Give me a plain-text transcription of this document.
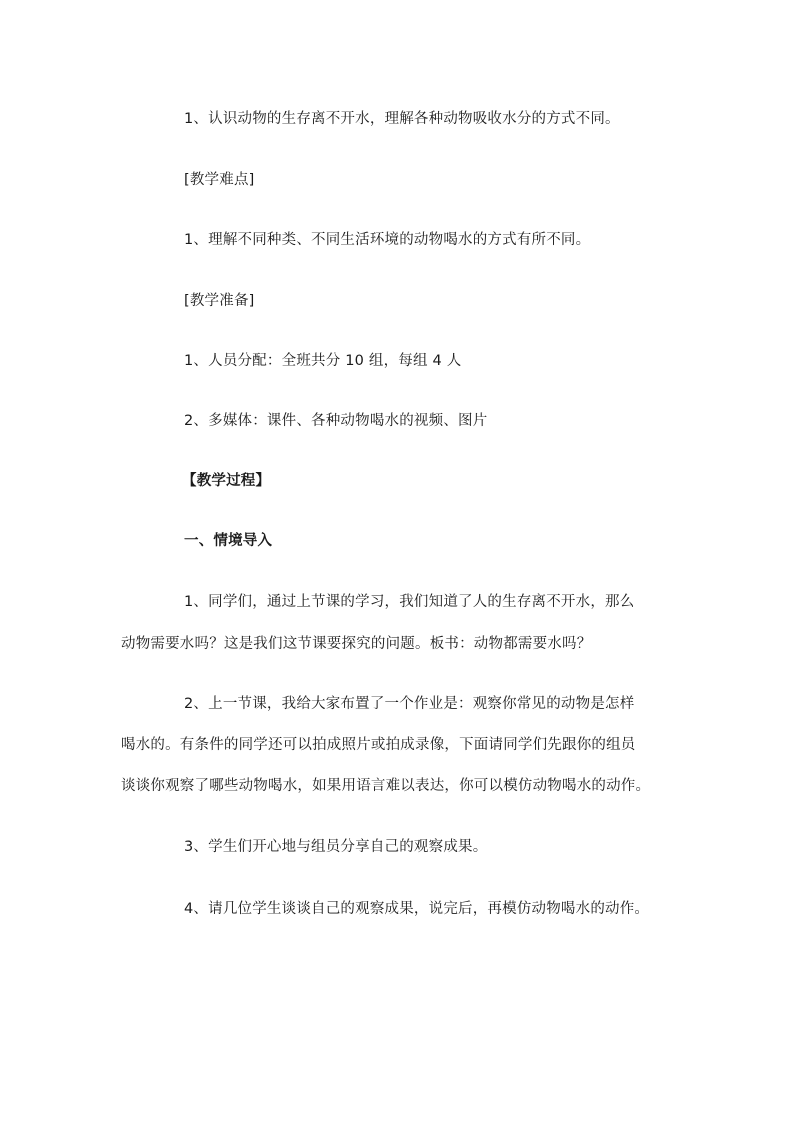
1、认识动物的生存离不开水，理解各种动物吸收水分的方式不同。
[教学难点]
1、理解不同种类、不同生活环境的动物喝水的方式有所不同。
[教学准备]
1、人员分配：全班共分 10 组，每组 4 人
2、多媒体：课件、各种动物喝水的视频、图片
【教学过程】
一、情境导入
1、同学们，通过上节课的学习，我们知道了人的生存离不开水，那么
动物需要水吗？这是我们这节课要探究的问题。板书：动物都需要水吗？
2、上一节课，我给大家布置了一个作业是：观察你常见的动物是怎样
喝水的。有条件的同学还可以拍成照片或拍成录像，下面请同学们先跟你的组员
谈谈你观察了哪些动物喝水，如果用语言难以表达，你可以模仿动物喝水的动作。
3、学生们开心地与组员分享自己的观察成果。
4、请几位学生谈谈自己的观察成果，说完后，再模仿动物喝水的动作。
